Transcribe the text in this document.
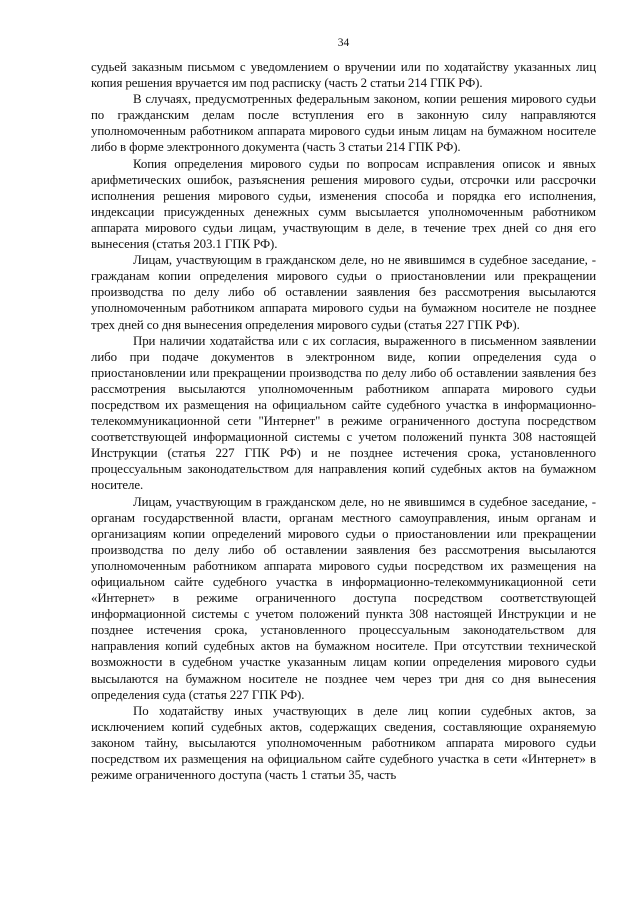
34

судьей заказным письмом с уведомлением о вручении или по ходатайству указанных лиц копия решения вручается им под расписку (часть 2 статьи 214 ГПК РФ).

В случаях, предусмотренных федеральным законом, копии решения мирового судьи по гражданским делам после вступления его в законную силу направляются уполномоченным работником аппарата мирового судьи иным лицам на бумажном носителе либо в форме электронного документа (часть 3 статьи 214 ГПК РФ).

Копия определения мирового судьи по вопросам исправления описок и явных арифметических ошибок, разъяснения решения мирового судьи, отсрочки или рассрочки исполнения решения мирового судьи, изменения способа и порядка его исполнения, индексации присужденных денежных сумм высылается уполномоченным работником аппарата мирового судьи лицам, участвующим в деле, в течение трех дней со дня его вынесения (статья 203.1 ГПК РФ).

Лицам, участвующим в гражданском деле, но не явившимся в судебное заседание, - гражданам копии определения мирового судьи о приостановлении или прекращении производства по делу либо об оставлении заявления без рассмотрения высылаются уполномоченным работником аппарата мирового судьи на бумажном носителе не позднее трех дней со дня вынесения определения мирового судьи (статья 227 ГПК РФ).

При наличии ходатайства или с их согласия, выраженного в письменном заявлении либо при подаче документов в электронном виде, копии определения суда о приостановлении или прекращении производства по делу либо об оставлении заявления без рассмотрения высылаются уполномоченным работником аппарата мирового судьи посредством их размещения на официальном сайте судебного участка в информационно-телекоммуникационной сети "Интернет" в режиме ограниченного доступа посредством соответствующей информационной системы с учетом положений пункта 308 настоящей Инструкции (статья 227 ГПК РФ) и не позднее истечения срока, установленного процессуальным законодательством для направления копий судебных актов на бумажном носителе.

Лицам, участвующим в гражданском деле, но не явившимся в судебное заседание, - органам государственной власти, органам местного самоуправления, иным органам и организациям копии определений мирового судьи о приостановлении или прекращении производства по делу либо об оставлении заявления без рассмотрения высылаются уполномоченным работником аппарата мирового судьи посредством их размещения на официальном сайте судебного участка в информационно-телекоммуникационной сети «Интернет» в режиме ограниченного доступа посредством соответствующей информационной системы с учетом положений пункта 308 настоящей Инструкции и не позднее истечения срока, установленного процессуальным законодательством для направления копий судебных актов на бумажном носителе. При отсутствии технической возможности в судебном участке указанным лицам копии определения мирового судьи высылаются на бумажном носителе не позднее чем через три дня со дня вынесения определения суда (статья 227 ГПК РФ).

По ходатайству иных участвующих в деле лиц копии судебных актов, за исключением копий судебных актов, содержащих сведения, составляющие охраняемую законом тайну, высылаются уполномоченным работником аппарата мирового судьи посредством их размещения на официальном сайте судебного участка в сети «Интернет» в режиме ограниченного доступа (часть 1 статьи 35, часть
